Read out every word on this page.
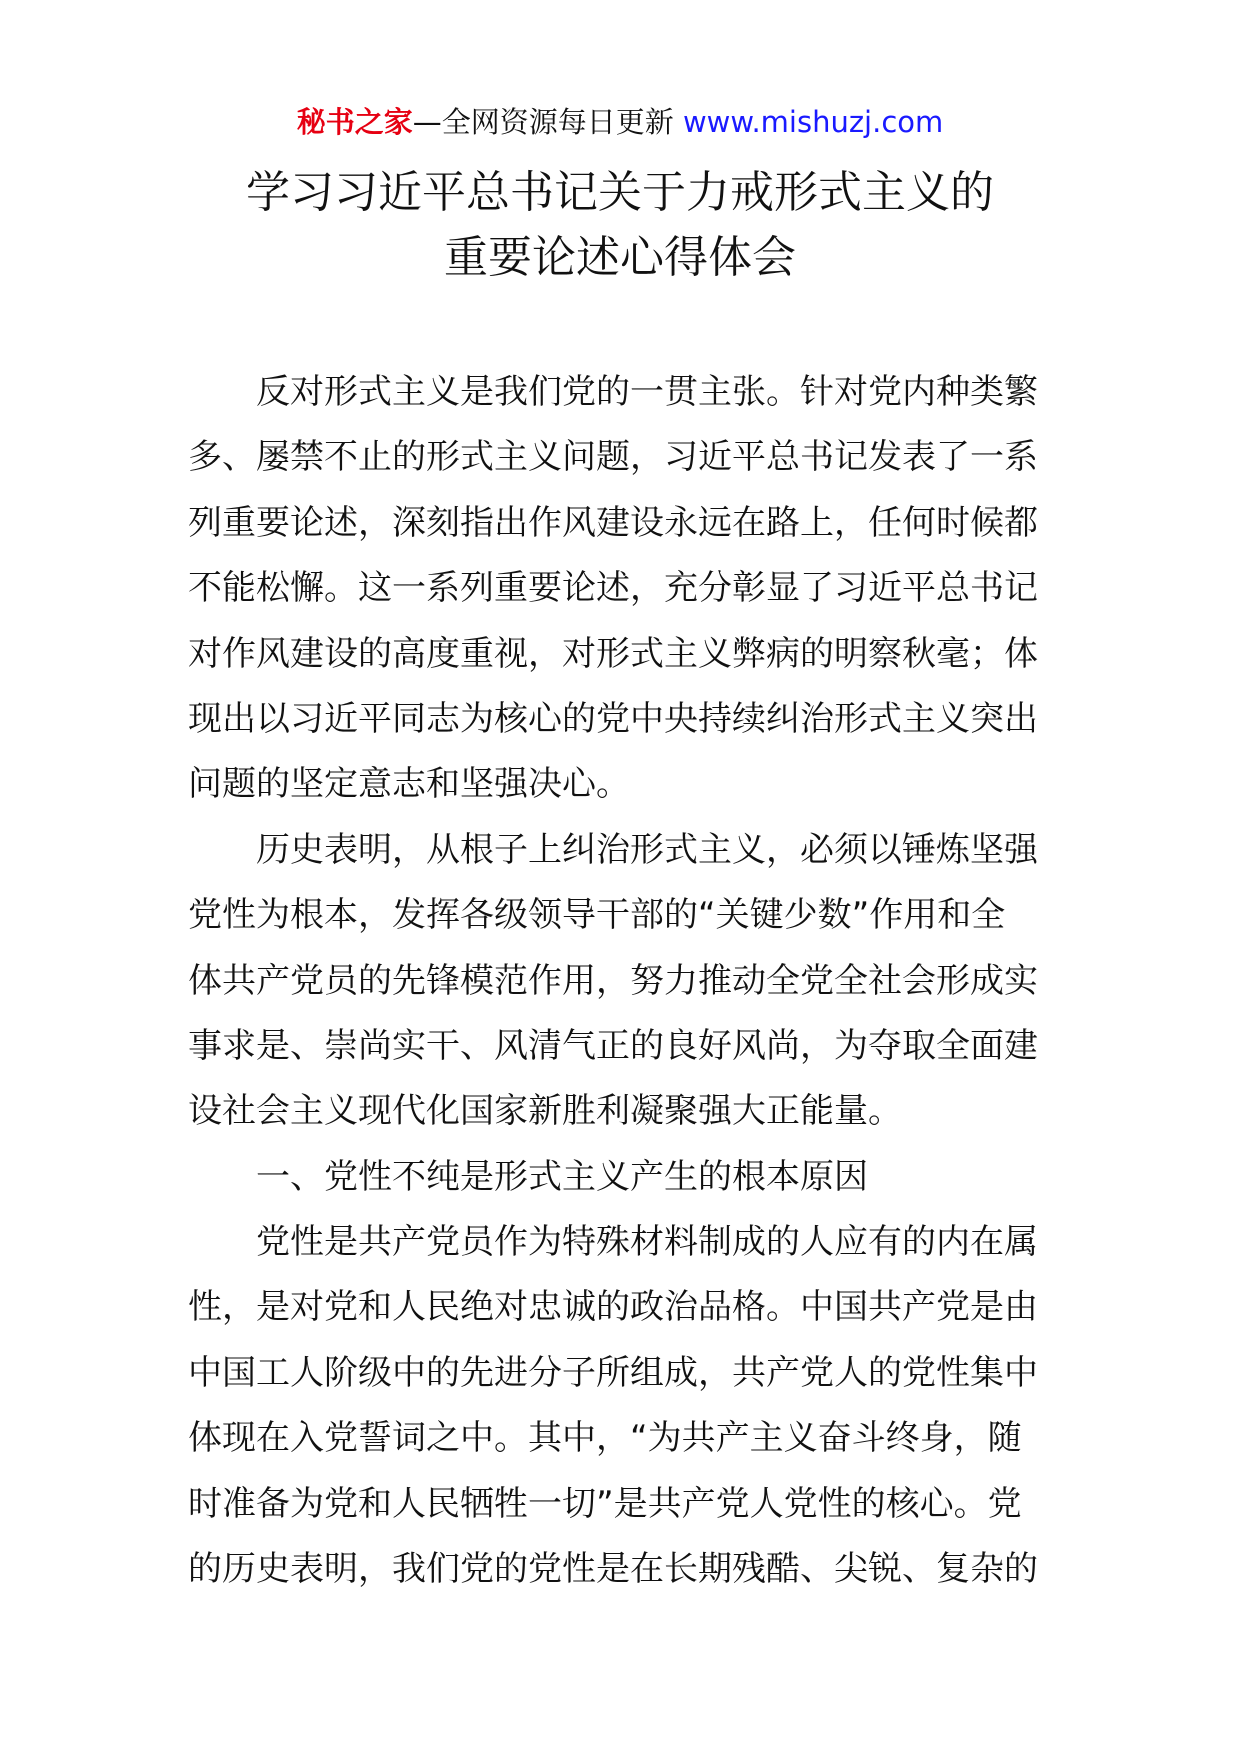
秘书之家—全网资源每日更新 www.mishuzj.com
学习习近平总书记关于力戒形式主义的
重要论述心得体会
反对形式主义是我们党的一贯主张。针对党内种类繁
多、屡禁不止的形式主义问题，习近平总书记发表了一系
列重要论述，深刻指出作风建设永远在路上，任何时候都
不能松懈。这一系列重要论述，充分彰显了习近平总书记
对作风建设的高度重视，对形式主义弊病的明察秋毫；体
现出以习近平同志为核心的党中央持续纠治形式主义突出
问题的坚定意志和坚强决心。
历史表明，从根子上纠治形式主义，必须以锤炼坚强
党性为根本，发挥各级领导干部的“关键少数”作用和全
体共产党员的先锋模范作用，努力推动全党全社会形成实
事求是、崇尚实干、风清气正的良好风尚，为夺取全面建
设社会主义现代化国家新胜利凝聚强大正能量。
一、党性不纯是形式主义产生的根本原因
党性是共产党员作为特殊材料制成的人应有的内在属
性，是对党和人民绝对忠诚的政治品格。中国共产党是由
中国工人阶级中的先进分子所组成，共产党人的党性集中
体现在入党誓词之中。其中，“为共产主义奋斗终身，随
时准备为党和人民牺牲一切”是共产党人党性的核心。党
的历史表明，我们党的党性是在长期残酷、尖锐、复杂的
